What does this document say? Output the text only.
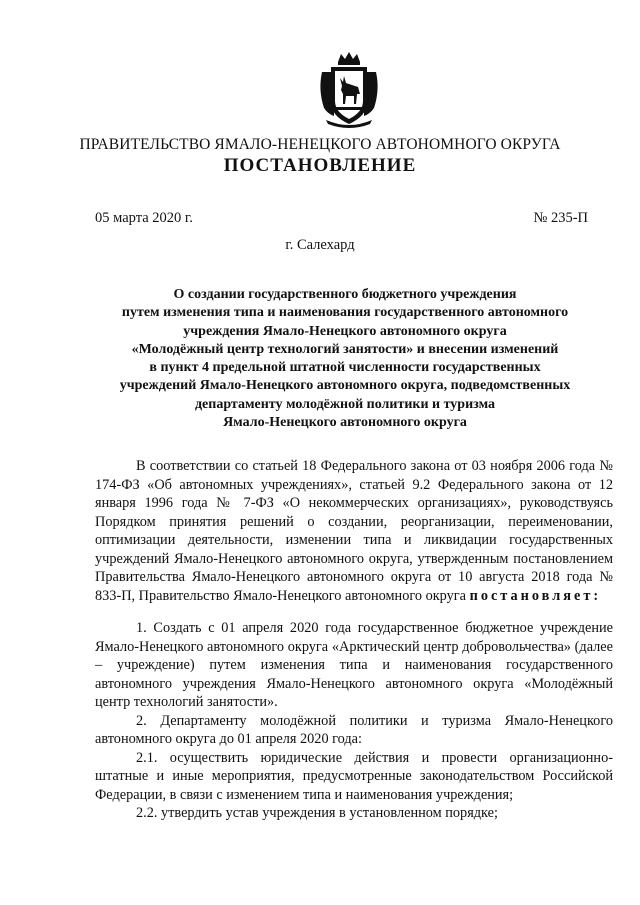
ПРАВИТЕЛЬСТВО ЯМАЛО-НЕНЕЦКОГО АВТОНОМНОГО ОКРУГА
ПОСТАНОВЛЕНИЕ
05 марта 2020 г.	№ 235-П
г. Салехард
О создании государственного бюджетного учреждения
путем изменения типа и наименования государственного автономного
учреждения Ямало-Ненецкого автономного округа
«Молодёжный центр технологий занятости» и внесении изменений
в пункт 4 предельной штатной численности государственных
учреждений Ямало-Ненецкого автономного округа, подведомственных
департаменту молодёжной политики и туризма
Ямало-Ненецкого автономного округа

В соответствии со статьей 18 Федерального закона от 03 ноября 2006 года № 174-ФЗ «Об автономных учреждениях», статьей 9.2 Федерального закона от 12 января 1996 года № 7-ФЗ «О некоммерческих организациях», руководствуясь Порядком принятия решений о создании, реорганизации, переименовании, оптимизации деятельности, изменении типа и ликвидации государственных учреждений Ямало-Ненецкого автономного округа, утвержденным постановлением Правительства Ямало-Ненецкого автономного округа от 10 августа 2018 года № 833-П, Правительство Ямало-Ненецкого автономного округа постановляет:

1. Создать с 01 апреля 2020 года государственное бюджетное учреждение Ямало-Ненецкого автономного округа «Арктический центр добровольчества» (далее – учреждение) путем изменения типа и наименования государственного автономного учреждения Ямало-Ненецкого автономного округа «Молодёжный центр технологий занятости».

2. Департаменту молодёжной политики и туризма Ямало-Ненецкого автономного округа до 01 апреля 2020 года:

2.1. осуществить юридические действия и провести организационно-штатные и иные мероприятия, предусмотренные законодательством Российской Федерации, в связи с изменением типа и наименования учреждения;

2.2. утвердить устав учреждения в установленном порядке;
